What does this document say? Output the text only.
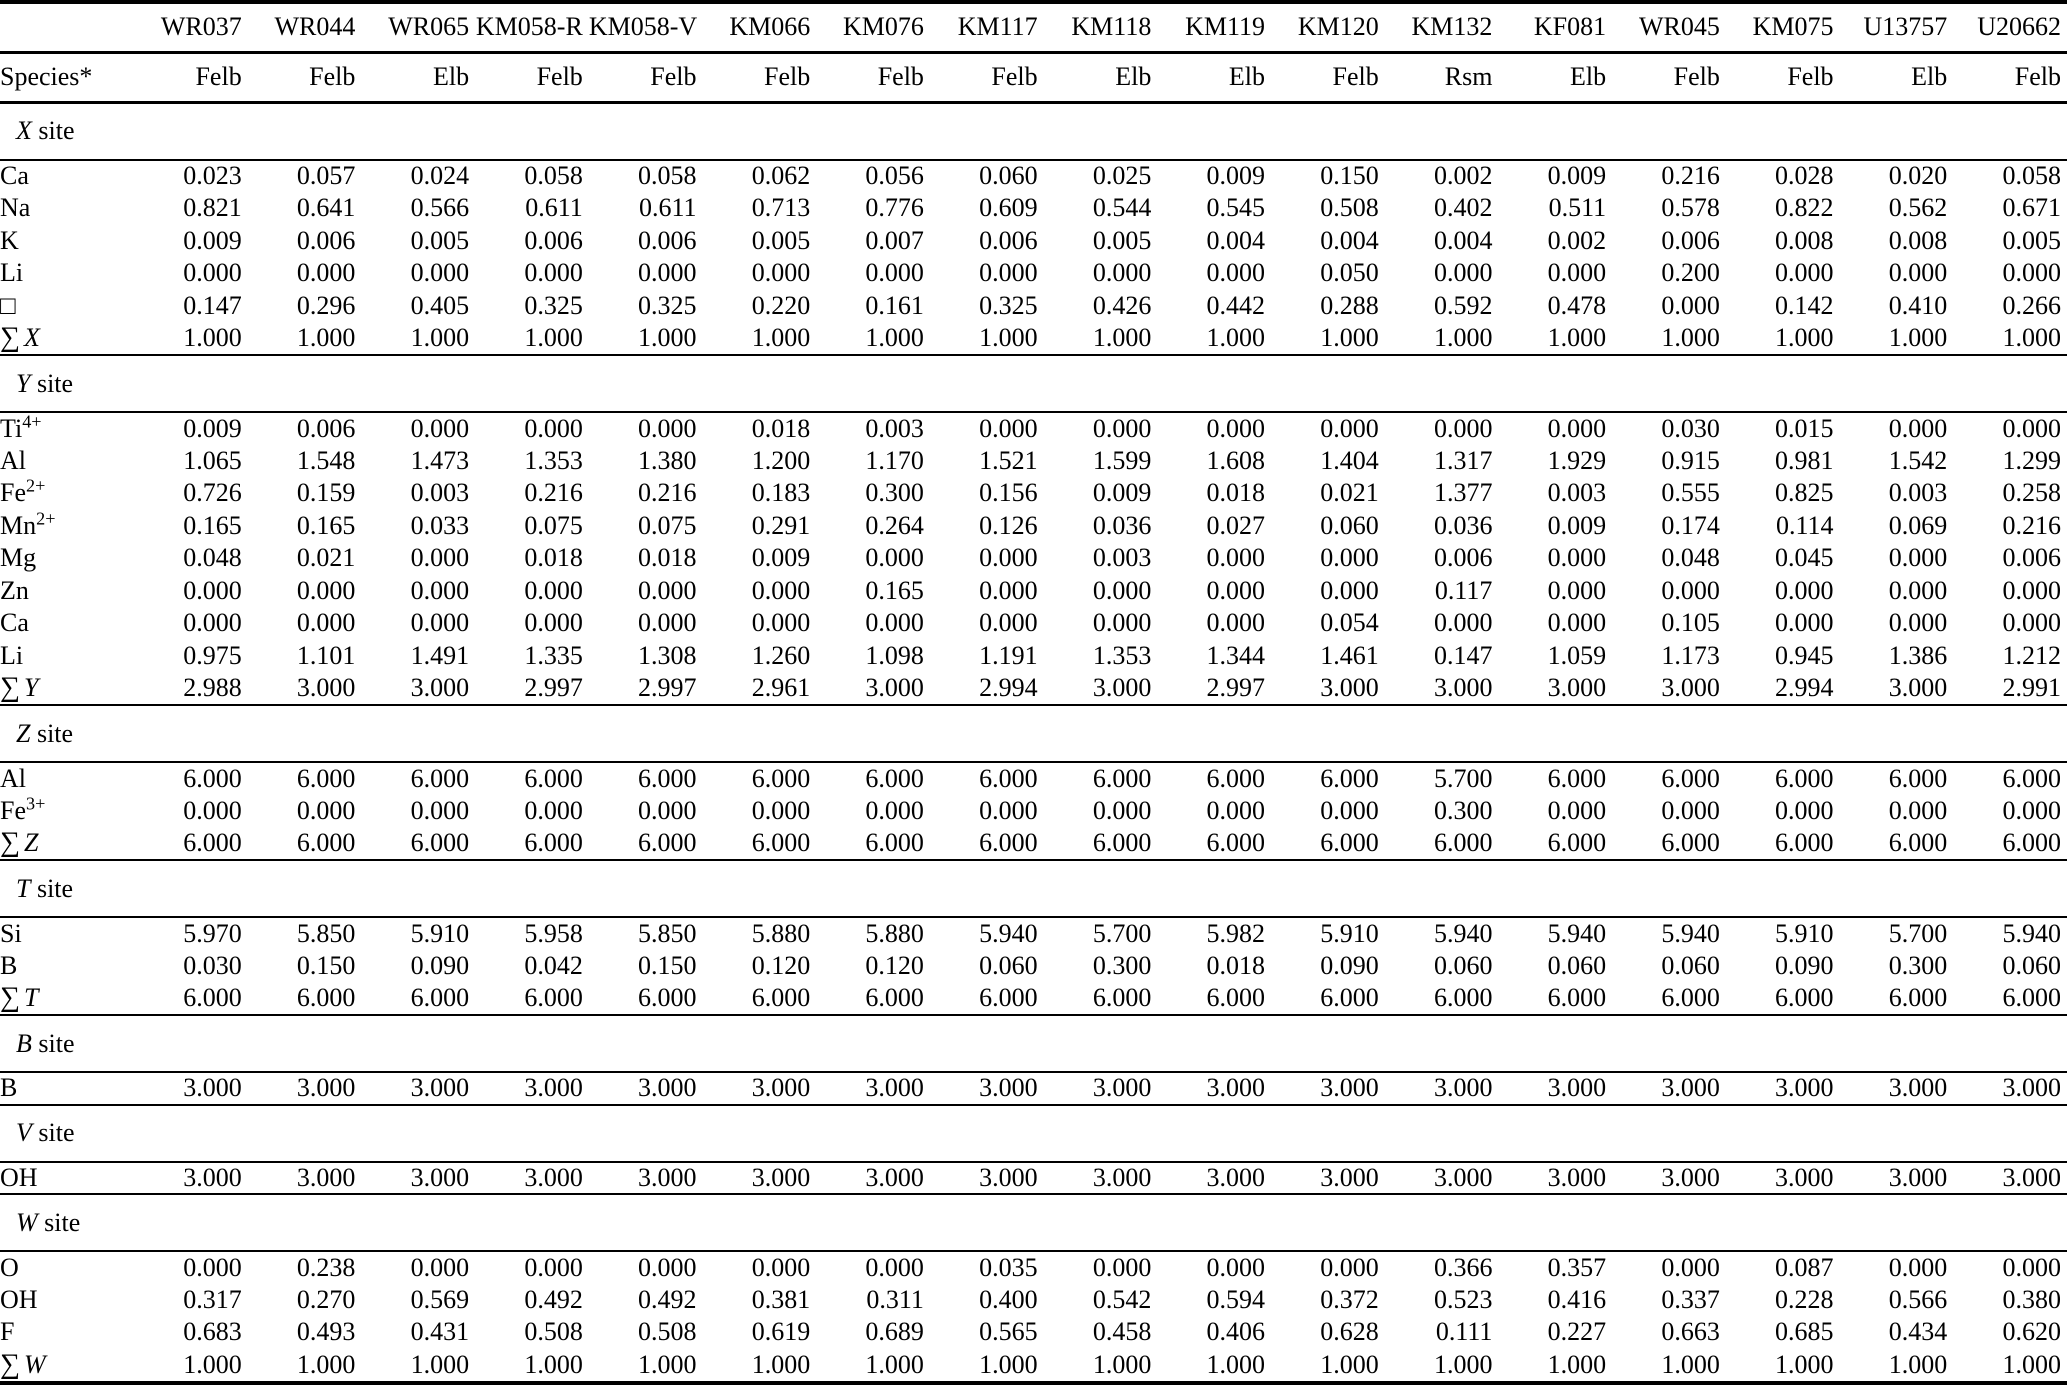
	WR037	WR044	WR065	KM058-R	KM058-V	KM066	KM076	KM117	KM118	KM119	KM120	KM132	KF081	WR045	KM075	U13757	U20662
Species*	Felb	Felb	Elb	Felb	Felb	Felb	Felb	Felb	Elb	Elb	Felb	Rsm	Elb	Felb	Felb	Elb	Felb
X site																	
Ca	0.023	0.057	0.024	0.058	0.058	0.062	0.056	0.060	0.025	0.009	0.150	0.002	0.009	0.216	0.028	0.020	0.058
Na	0.821	0.641	0.566	0.611	0.611	0.713	0.776	0.609	0.544	0.545	0.508	0.402	0.511	0.578	0.822	0.562	0.671
K	0.009	0.006	0.005	0.006	0.006	0.005	0.007	0.006	0.005	0.004	0.004	0.004	0.002	0.006	0.008	0.008	0.005
Li	0.000	0.000	0.000	0.000	0.000	0.000	0.000	0.000	0.000	0.000	0.050	0.000	0.000	0.200	0.000	0.000	0.000
□	0.147	0.296	0.405	0.325	0.325	0.220	0.161	0.325	0.426	0.442	0.288	0.592	0.478	0.000	0.142	0.410	0.266
∑ X	1.000	1.000	1.000	1.000	1.000	1.000	1.000	1.000	1.000	1.000	1.000	1.000	1.000	1.000	1.000	1.000	1.000
Y site																	
$Ti^{4+}$	0.009	0.006	0.000	0.000	0.000	0.018	0.003	0.000	0.000	0.000	0.000	0.000	0.000	0.030	0.015	0.000	0.000
Al	1.065	1.548	1.473	1.353	1.380	1.200	1.170	1.521	1.599	1.608	1.404	1.317	1.929	0.915	0.981	1.542	1.299
$Fe^{2+}$	0.726	0.159	0.003	0.216	0.216	0.183	0.300	0.156	0.009	0.018	0.021	1.377	0.003	0.555	0.825	0.003	0.258
$Mn^{2+}$	0.165	0.165	0.033	0.075	0.075	0.291	0.264	0.126	0.036	0.027	0.060	0.036	0.009	0.174	0.114	0.069	0.216
Mg	0.048	0.021	0.000	0.018	0.018	0.009	0.000	0.000	0.003	0.000	0.000	0.006	0.000	0.048	0.045	0.000	0.006
Zn	0.000	0.000	0.000	0.000	0.000	0.000	0.165	0.000	0.000	0.000	0.000	0.117	0.000	0.000	0.000	0.000	0.000
Ca	0.000	0.000	0.000	0.000	0.000	0.000	0.000	0.000	0.000	0.000	0.054	0.000	0.000	0.105	0.000	0.000	0.000
Li	0.975	1.101	1.491	1.335	1.308	1.260	1.098	1.191	1.353	1.344	1.461	0.147	1.059	1.173	0.945	1.386	1.212
∑ Y	2.988	3.000	3.000	2.997	2.997	2.961	3.000	2.994	3.000	2.997	3.000	3.000	3.000	3.000	2.994	3.000	2.991
Z site																	
Al	6.000	6.000	6.000	6.000	6.000	6.000	6.000	6.000	6.000	6.000	6.000	5.700	6.000	6.000	6.000	6.000	6.000
$Fe^{3+}$	0.000	0.000	0.000	0.000	0.000	0.000	0.000	0.000	0.000	0.000	0.000	0.300	0.000	0.000	0.000	0.000	0.000
∑ Z	6.000	6.000	6.000	6.000	6.000	6.000	6.000	6.000	6.000	6.000	6.000	6.000	6.000	6.000	6.000	6.000	6.000
T site																	
Si	5.970	5.850	5.910	5.958	5.850	5.880	5.880	5.940	5.700	5.982	5.910	5.940	5.940	5.940	5.910	5.700	5.940
B	0.030	0.150	0.090	0.042	0.150	0.120	0.120	0.060	0.300	0.018	0.090	0.060	0.060	0.060	0.090	0.300	0.060
∑ T	6.000	6.000	6.000	6.000	6.000	6.000	6.000	6.000	6.000	6.000	6.000	6.000	6.000	6.000	6.000	6.000	6.000
B site																	
B	3.000	3.000	3.000	3.000	3.000	3.000	3.000	3.000	3.000	3.000	3.000	3.000	3.000	3.000	3.000	3.000	3.000
V site																	
OH	3.000	3.000	3.000	3.000	3.000	3.000	3.000	3.000	3.000	3.000	3.000	3.000	3.000	3.000	3.000	3.000	3.000
W site																	
O	0.000	0.238	0.000	0.000	0.000	0.000	0.000	0.035	0.000	0.000	0.000	0.366	0.357	0.000	0.087	0.000	0.000
OH	0.317	0.270	0.569	0.492	0.492	0.381	0.311	0.400	0.542	0.594	0.372	0.523	0.416	0.337	0.228	0.566	0.380
F	0.683	0.493	0.431	0.508	0.508	0.619	0.689	0.565	0.458	0.406	0.628	0.111	0.227	0.663	0.685	0.434	0.620
∑ W	1.000	1.000	1.000	1.000	1.000	1.000	1.000	1.000	1.000	1.000	1.000	1.000	1.000	1.000	1.000	1.000	1.000
